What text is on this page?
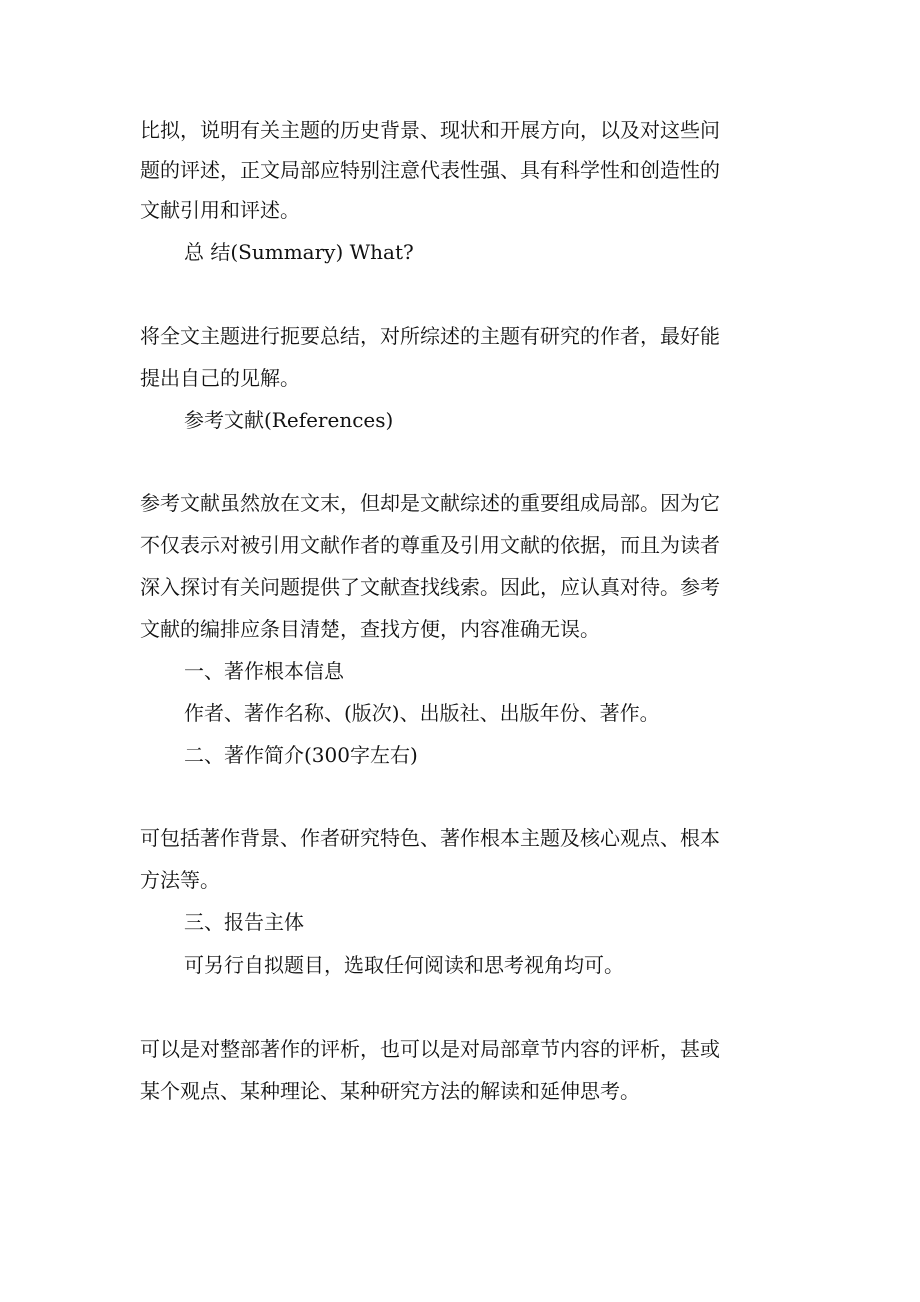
比拟，说明有关主题的历史背景、现状和开展方向，以及对这些问
题的评述，正文局部应特别注意代表性强、具有科学性和创造性的
文献引用和评述。
总 结(Summary) What?
将全文主题进行扼要总结，对所综述的主题有研究的作者，最好能
提出自己的见解。
参考文献(References)
参考文献虽然放在文末，但却是文献综述的重要组成局部。因为它
不仅表示对被引用文献作者的尊重及引用文献的依据，而且为读者
深入探讨有关问题提供了文献查找线索。因此，应认真对待。参考
文献的编排应条目清楚，查找方便，内容准确无误。
一、著作根本信息
作者、著作名称、(版次)、出版社、出版年份、著作。
二、著作简介(300字左右)
可包括著作背景、作者研究特色、著作根本主题及核心观点、根本
方法等。
三、报告主体
可另行自拟题目，选取任何阅读和思考视角均可。
可以是对整部著作的评析，也可以是对局部章节内容的评析，甚或
某个观点、某种理论、某种研究方法的解读和延伸思考。
